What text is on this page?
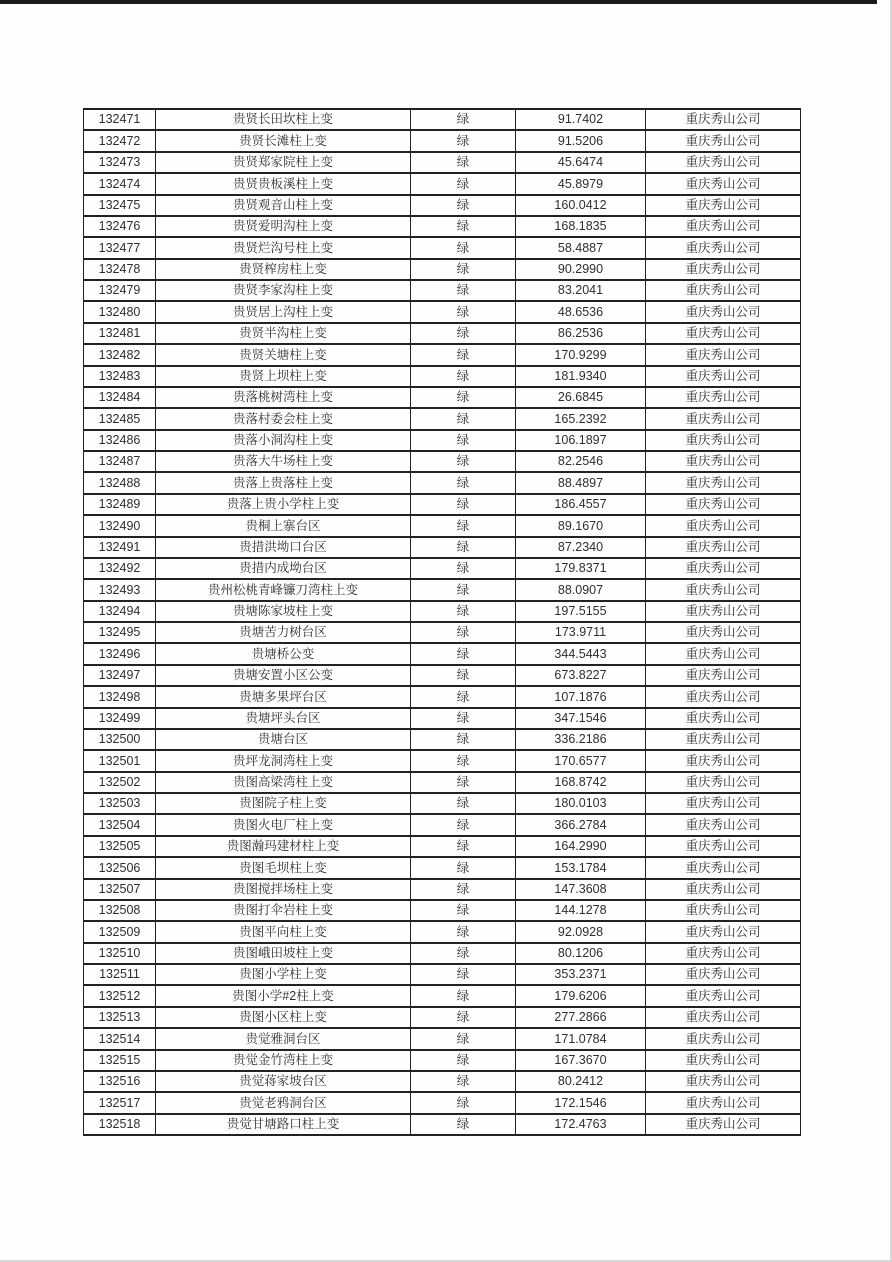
132471	贵贤长田坎柱上变	绿	91.7402	重庆秀山公司
132472	贵贤长滩柱上变	绿	91.5206	重庆秀山公司
132473	贵贤郑家院柱上变	绿	45.6474	重庆秀山公司
132474	贵贤贵板溪柱上变	绿	45.8979	重庆秀山公司
132475	贵贤观音山柱上变	绿	160.0412	重庆秀山公司
132476	贵贤爱明沟柱上变	绿	168.1835	重庆秀山公司
132477	贵贤烂沟号柱上变	绿	58.4887	重庆秀山公司
132478	贵贤榨房柱上变	绿	90.2990	重庆秀山公司
132479	贵贤李家沟柱上变	绿	83.2041	重庆秀山公司
132480	贵贤居上沟柱上变	绿	48.6536	重庆秀山公司
132481	贵贤半沟柱上变	绿	86.2536	重庆秀山公司
132482	贵贤关塘柱上变	绿	170.9299	重庆秀山公司
132483	贵贤上坝柱上变	绿	181.9340	重庆秀山公司
132484	贵落桃树湾柱上变	绿	26.6845	重庆秀山公司
132485	贵落村委会柱上变	绿	165.2392	重庆秀山公司
132486	贵落小洞沟柱上变	绿	106.1897	重庆秀山公司
132487	贵落大牛场柱上变	绿	82.2546	重庆秀山公司
132488	贵落上贵落柱上变	绿	88.4897	重庆秀山公司
132489	贵落上贵小学柱上变	绿	186.4557	重庆秀山公司
132490	贵桐上寨台区	绿	89.1670	重庆秀山公司
132491	贵措洪坳口台区	绿	87.2340	重庆秀山公司
132492	贵措内成坳台区	绿	179.8371	重庆秀山公司
132493	贵州松桃青峰镰刀湾柱上变	绿	88.0907	重庆秀山公司
132494	贵塘陈家坡柱上变	绿	197.5155	重庆秀山公司
132495	贵塘苦力树台区	绿	173.9711	重庆秀山公司
132496	贵塘桥公变	绿	344.5443	重庆秀山公司
132497	贵塘安置小区公变	绿	673.8227	重庆秀山公司
132498	贵塘多果坪台区	绿	107.1876	重庆秀山公司
132499	贵塘坪头台区	绿	347.1546	重庆秀山公司
132500	贵塘台区	绿	336.2186	重庆秀山公司
132501	贵坪龙洞湾柱上变	绿	170.6577	重庆秀山公司
132502	贵图高梁湾柱上变	绿	168.8742	重庆秀山公司
132503	贵图院子柱上变	绿	180.0103	重庆秀山公司
132504	贵图火电厂柱上变	绿	366.2784	重庆秀山公司
132505	贵图瀚玛建材柱上变	绿	164.2990	重庆秀山公司
132506	贵图毛坝柱上变	绿	153.1784	重庆秀山公司
132507	贵图搅拌场柱上变	绿	147.3608	重庆秀山公司
132508	贵图打伞岩柱上变	绿	144.1278	重庆秀山公司
132509	贵图平向柱上变	绿	92.0928	重庆秀山公司
132510	贵图峨田坡柱上变	绿	80.1206	重庆秀山公司
132511	贵图小学柱上变	绿	353.2371	重庆秀山公司
132512	贵图小学#2柱上变	绿	179.6206	重庆秀山公司
132513	贵图小区柱上变	绿	277.2866	重庆秀山公司
132514	贵觉雅洞台区	绿	171.0784	重庆秀山公司
132515	贵觉金竹湾柱上变	绿	167.3670	重庆秀山公司
132516	贵觉蒋家坡台区	绿	80.2412	重庆秀山公司
132517	贵觉老鸦洞台区	绿	172.1546	重庆秀山公司
132518	贵觉甘塘路口柱上变	绿	172.4763	重庆秀山公司
